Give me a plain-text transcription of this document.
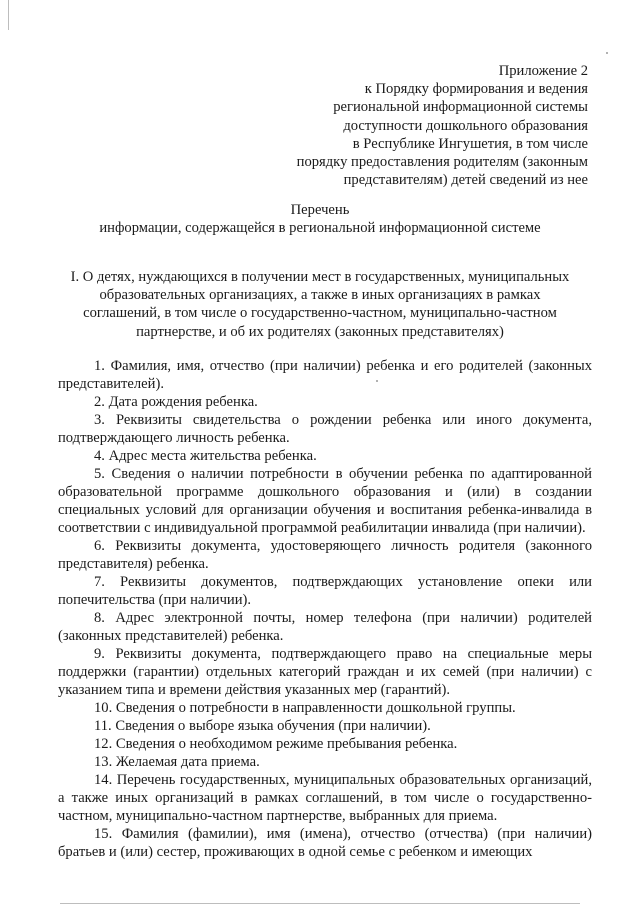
Приложение 2
к Порядку формирования и ведения
региональной информационной системы
доступности дошкольного образования
в Республике Ингушетия, в том числе
порядку предоставления родителям (законным
представителям) детей сведений из нее
Перечень
информации, содержащейся в региональной информационной системе
I. О детях, нуждающихся в получении мест в государственных, муниципальных
образовательных организациях, а также в иных организациях в рамках
соглашений, в том числе о государственно-частном, муниципально-частном
партнерстве, и об их родителях (законных представителях)

1. Фамилия, имя, отчество (при наличии) ребенка и его родителей (законных представителей).

2. Дата рождения ребенка.

3. Реквизиты свидетельства о рождении ребенка или иного документа, подтверждающего личность ребенка.

4. Адрес места жительства ребенка.

5. Сведения о наличии потребности в обучении ребенка по адаптированной образовательной программе дошкольного образования и (или) в создании специальных условий для организации обучения и воспитания ребенка-инвалида в соответствии с индивидуальной программой реабилитации инвалида (при наличии).

6. Реквизиты документа, удостоверяющего личность родителя (законного представителя) ребенка.

7. Реквизиты документов, подтверждающих установление опеки или попечительства (при наличии).

8. Адрес электронной почты, номер телефона (при наличии) родителей (законных представителей) ребенка.

9. Реквизиты документа, подтверждающего право на специальные меры поддержки (гарантии) отдельных категорий граждан и их семей (при наличии) с указанием типа и времени действия указанных мер (гарантий).

10. Сведения о потребности в направленности дошкольной группы.

11. Сведения о выборе языка обучения (при наличии).

12. Сведения о необходимом режиме пребывания ребенка.

13. Желаемая дата приема.

14. Перечень государственных, муниципальных образовательных организаций, а также иных организаций в рамках соглашений, в том числе о государственно-частном, муниципально-частном партнерстве, выбранных для приема.

15. Фамилия (фамилии), имя (имена), отчество (отчества) (при наличии) братьев и (или) сестер, проживающих в одной семье с ребенком и имеющих
